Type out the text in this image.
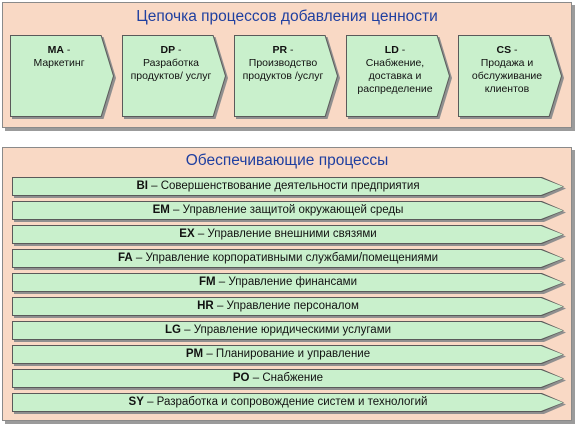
Цепочка процессов добавления ценности
MA -
Маркетинг
DP -
Разработка продуктов/ услуг
PR -
Производство продуктов /услуг
LD -
Снабжение, доставка и распределение
CS -
Продажа и обслуживание клиентов
Обеспечивающие процессы
BI – Совершенствование деятельности предприятия
EM – Управление защитой окружающей среды
EX – Управление внешними связями
FA – Управление корпоративными службами/помещениями
FM – Управление финансами
HR – Управление персоналом
LG – Управление юридическими услугами
PM – Планирование и управление
PO – Снабжение
SY – Разработка и сопровождение систем и технологий
